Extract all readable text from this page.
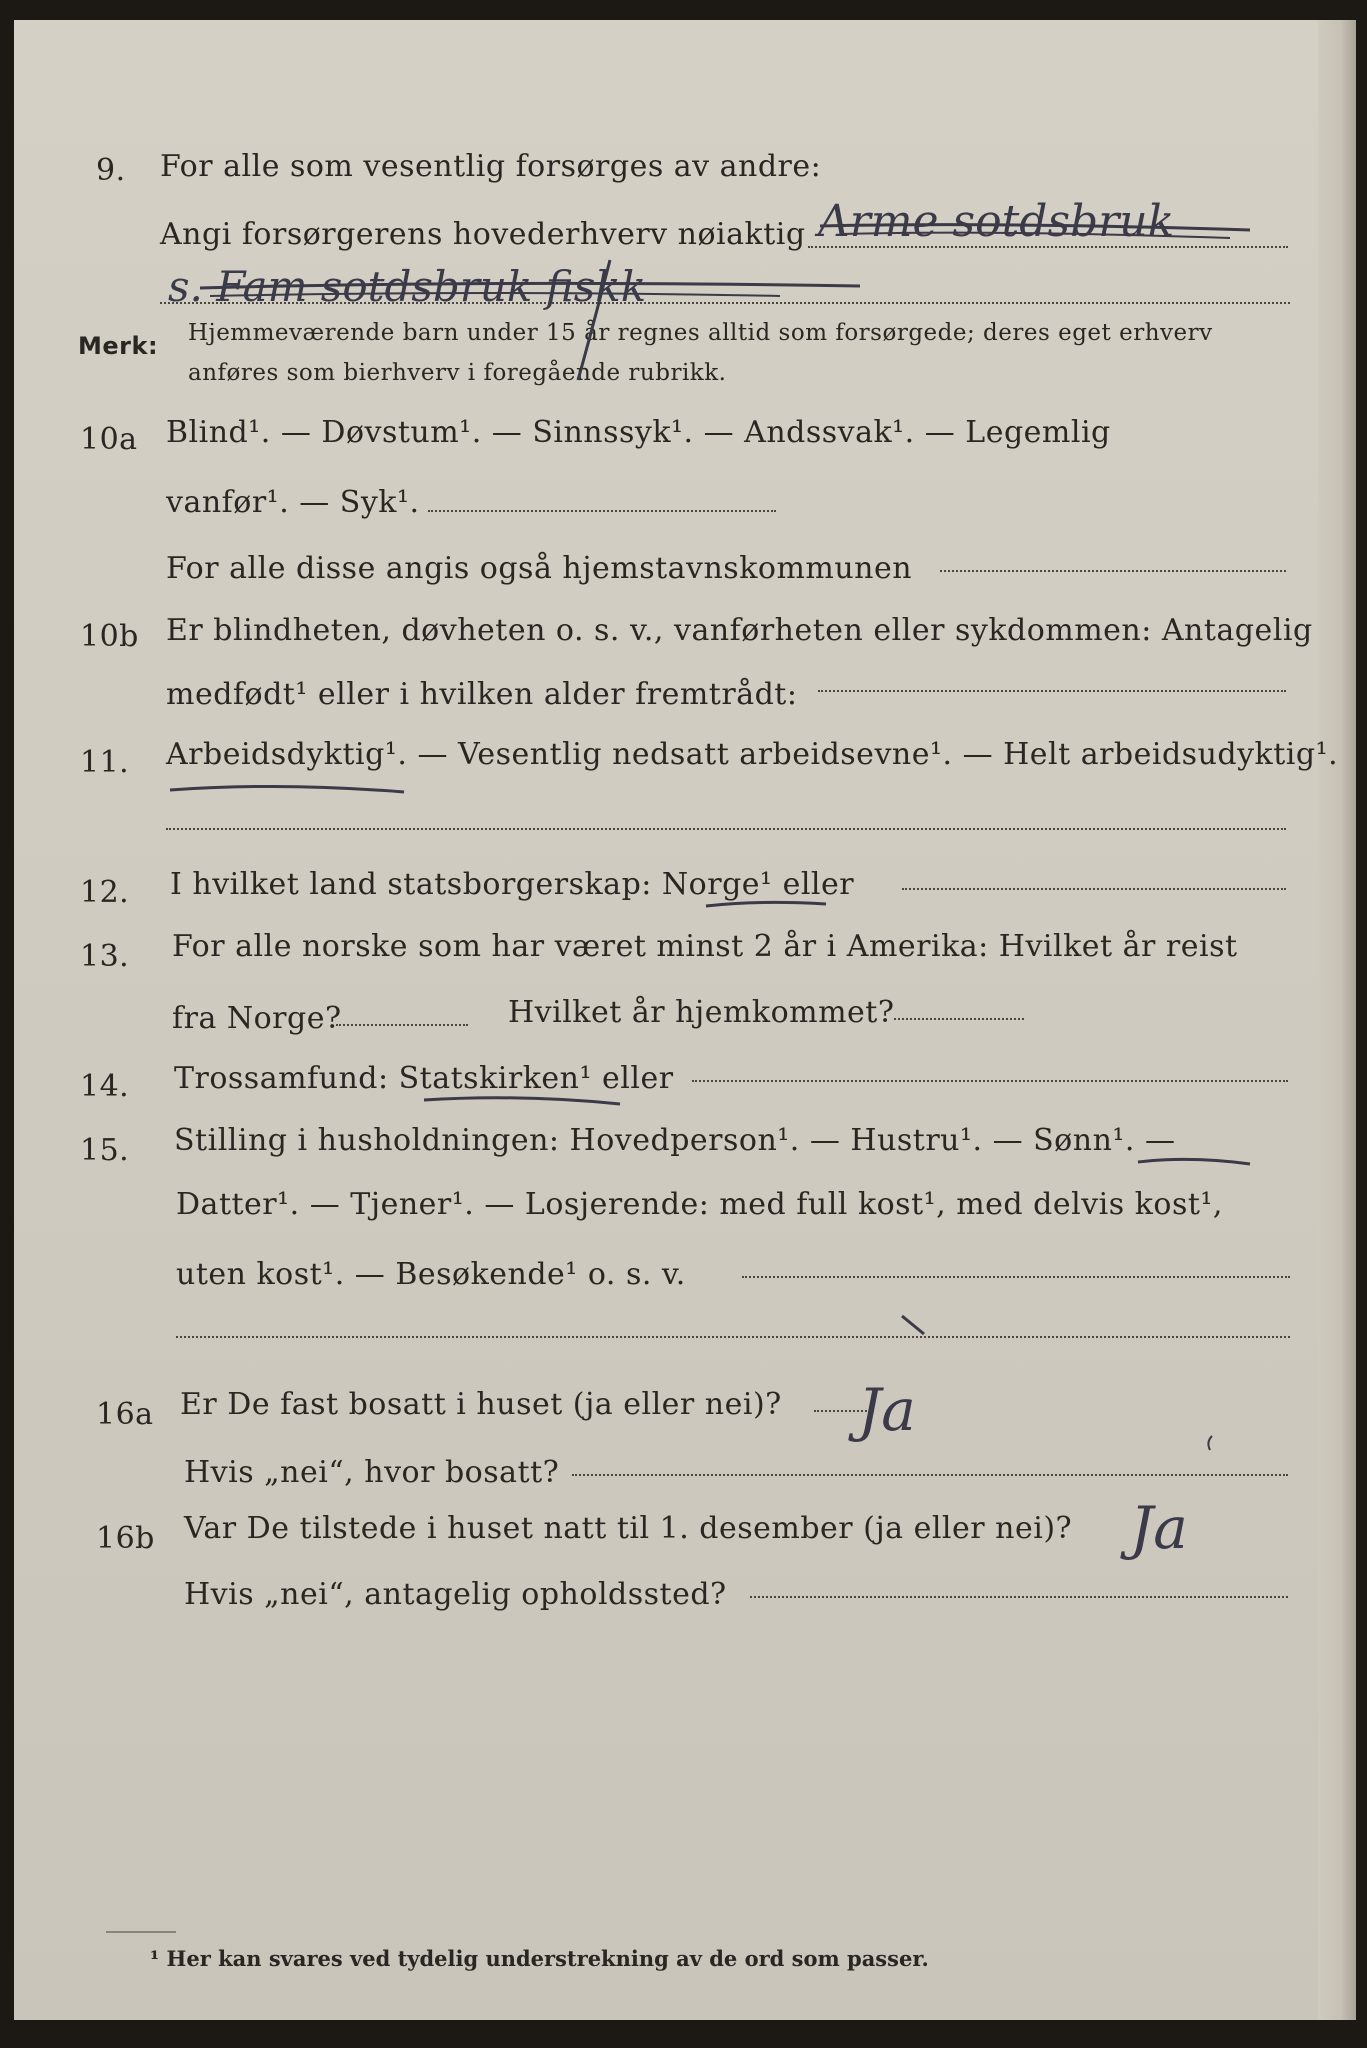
9. For alle som vesentlig forsørges av andre:
Angi forsørgerens hovederhverv nøiaktig Arme sotdsbruk
s. Fam sotdsbruk fiskk
Merk: Hjemmeværende barn under 15 år regnes alltid som forsørgede; deres eget erhverv
anføres som bierhverv i foregående rubrikk.
10a Blind¹. — Døvstum¹. — Sinnssyk¹. — Andssvak¹. — Legemlig
vanfør¹. — Syk¹.
For alle disse angis også hjemstavnskommunen
10b Er blindheten, døvheten o. s. v., vanførheten eller sykdommen: Antagelig
medfødt¹ eller i hvilken alder fremtrådt:
11. Arbeidsdyktig¹. — Vesentlig nedsatt arbeidsevne¹. — Helt arbeidsudyktig¹.
12. I hvilket land statsborgerskap: Norge¹ eller
13. For alle norske som har været minst 2 år i Amerika: Hvilket år reist
fra Norge?	Hvilket år hjemkommet?
14. Trossamfund: Statskirken¹ eller
15. Stilling i husholdningen: Hovedperson¹. — Hustru¹. — Sønn¹. —
Datter¹. — Tjener¹. — Losjerende: med full kost¹, med delvis kost¹,
uten kost¹. — Besøkende¹ o. s. v.
16a Er De fast bosatt i huset (ja eller nei)? Ja
Hvis „nei“, hvor bosatt?
16b Var De tilstede i huset natt til 1. desember (ja eller nei)? Ja
Hvis „nei“, antagelig opholdssted?
¹ Her kan svares ved tydelig understrekning av de ord som passer.
